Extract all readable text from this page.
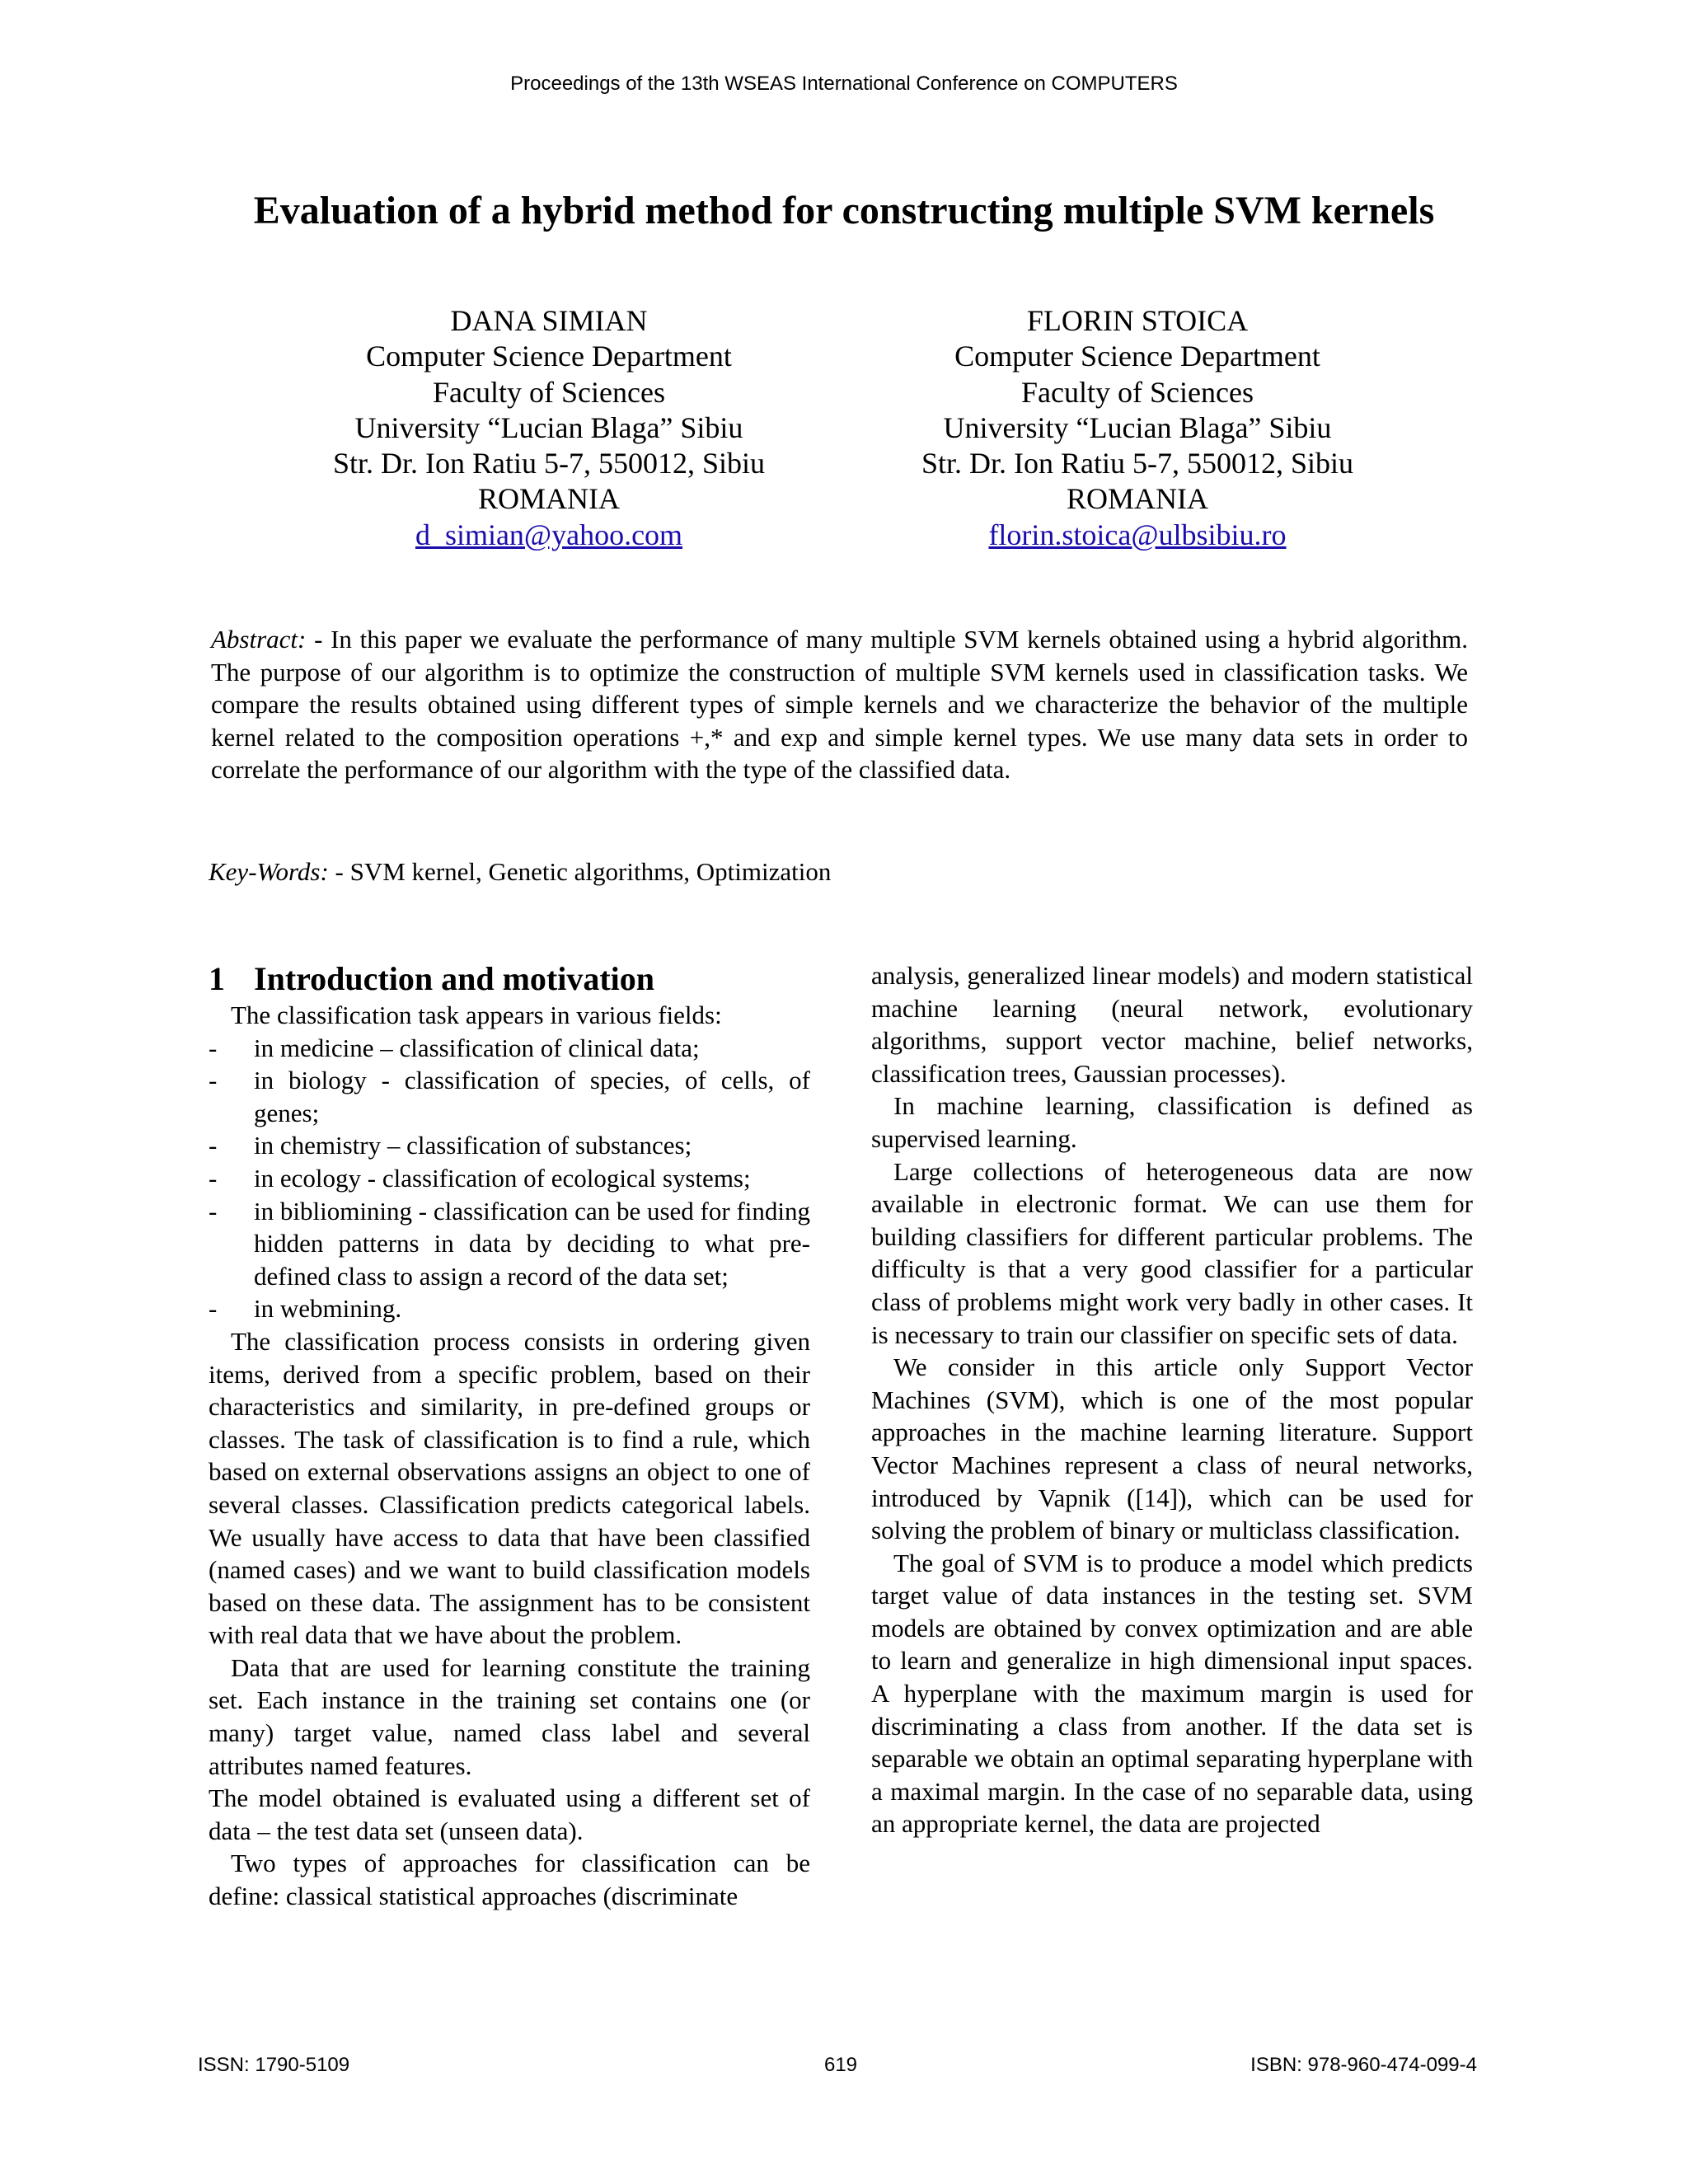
Proceedings of the 13th WSEAS International Conference on COMPUTERS
Evaluation of a hybrid method for constructing multiple SVM kernels
DANA SIMIAN
Computer Science Department
Faculty of Sciences
University “Lucian Blaga” Sibiu
Str. Dr. Ion Ratiu 5-7, 550012, Sibiu
ROMANIA
d_simian@yahoo.com
FLORIN STOICA
Computer Science Department
Faculty of Sciences
University “Lucian Blaga” Sibiu
Str. Dr. Ion Ratiu 5-7, 550012, Sibiu
ROMANIA
florin.stoica@ulbsibiu.ro

Abstract: - In this paper we evaluate the performance of many multiple SVM kernels obtained using a hybrid algorithm. The purpose of our algorithm is to optimize the construction of multiple SVM kernels used in classification tasks. We compare the results obtained using different types of simple kernels and we characterize the behavior of the multiple kernel related to the composition operations +,* and exp and simple kernel types. We use many data sets in order to correlate the performance of our algorithm with the type of the classified data.

Key-Words: - SVM kernel, Genetic algorithms, Optimization

1 Introduction and motivation

The classification task appears in various fields:

- in medicine – classification of clinical data;
- in biology - classification of species, of cells, of genes;
- in chemistry – classification of substances;
- in ecology - classification of ecological systems;
- in bibliomining - classification can be used for finding hidden patterns in data by deciding to what pre-defined class to assign a record of the data set;
- in webmining.

The classification process consists in ordering given items, derived from a specific problem, based on their characteristics and similarity, in pre-defined groups or classes. The task of classification is to find a rule, which based on external observations assigns an object to one of several classes. Classification predicts categorical labels. We usually have access to data that have been classified (named cases) and we want to build classification models based on these data. The assignment has to be consistent with real data that we have about the problem.

Data that are used for learning constitute the training set. Each instance in the training set contains one (or many) target value, named class label and several attributes named features.

The model obtained is evaluated using a different set of data – the test data set (unseen data).

Two types of approaches for classification can be define: classical statistical approaches (discriminate

analysis, generalized linear models) and modern statistical machine learning (neural network, evolutionary algorithms, support vector machine, belief networks, classification trees, Gaussian processes).

In machine learning, classification is defined as supervised learning.

Large collections of heterogeneous data are now available in electronic format. We can use them for building classifiers for different particular problems. The difficulty is that a very good classifier for a particular class of problems might work very badly in other cases. It is necessary to train our classifier on specific sets of data.

We consider in this article only Support Vector Machines (SVM), which is one of the most popular approaches in the machine learning literature. Support Vector Machines represent a class of neural networks, introduced by Vapnik ([14]), which can be used for solving the problem of binary or multiclass classification.

The goal of SVM is to produce a model which predicts target value of data instances in the testing set. SVM models are obtained by convex optimization and are able to learn and generalize in high dimensional input spaces. A hyperplane with the maximum margin is used for discriminating a class from another. If the data set is separable we obtain an optimal separating hyperplane with a maximal margin. In the case of no separable data, using an appropriate kernel, the data are projected

ISSN: 1790-5109	619	ISBN: 978-960-474-099-4
